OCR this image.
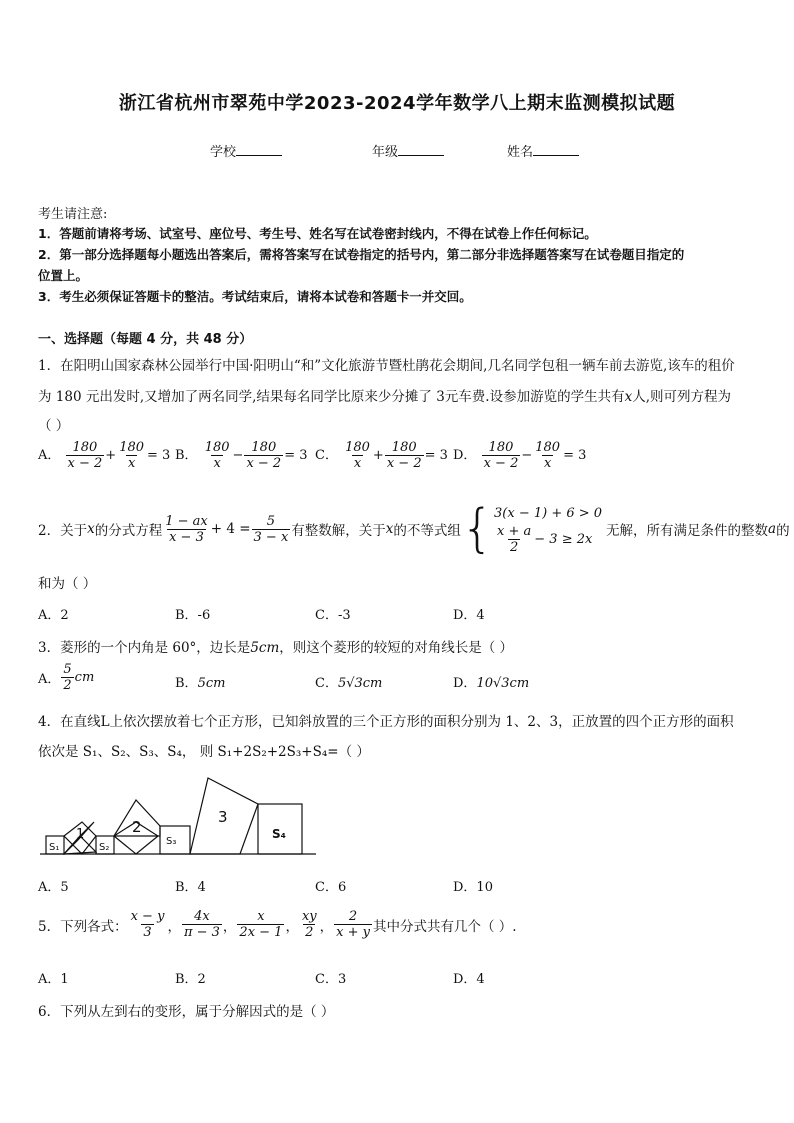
浙江省杭州市翠苑中学2023-2024学年数学八上期末监测模拟试题
学校	年级	姓名
考生请注意:
1．答题前请将考场、试室号、座位号、考生号、姓名写在试卷密封线内，不得在试卷上作任何标记。
2．第一部分选择题每小题选出答案后，需将答案写在试卷指定的括号内，第二部分非选择题答案写在试卷题目指定的
位置上。
3．考生必须保证答题卡的整洁。考试结束后，请将本试卷和答题卡一并交回。
一、选择题（每题 4 分，共 48 分）
1．在阳明山国家森林公园举行中国·阳明山“和”文化旅游节暨杜鹃花会期间,几名同学包租一辆车前去游览,该车的租价
为 180 元出发时,又增加了两名同学,结果每名同学比原来少分摊了 3元车费.设参加游览的学生共有x人,则可列方程为
（ ）
A． $\frac{180}{x - 2} + \frac{180}{x} = 3$ B． $\frac{180}{x} - \frac{180}{x - 2} = 3$ C． $\frac{180}{x} + \frac{180}{x - 2} = 3$ D． $\frac{180}{x - 2} - \frac{180}{x} = 3$
2．关于 x 的分式方程 $\frac{1 - ax}{x - 3} + 4 = \frac{5}{3 - x}$ 有整数解，关于 x 的不等式组 { 3(x − 1) + 6 > 0
$\frac{x + a}{2} - 3 \ge 2x$	无解，所有满足条件的整数 a 的
和为（ ）
A．2	B．-6	C．-3	D．4
3．菱形的一个内角是 60°，边长是5cm，则这个菱形的较短的对角线长是（ ）
A． $\frac{5}{2}$ cm	B．5cm	C．5√3cm	D．10√3cm
4．在直线L上依次摆放着七个正方形，已知斜放置的三个正方形的面积分别为 1、2、3，正放置的四个正方形的面积
依次是 S₁、S₂、S₃、S₄， 则 S₁+2S₂+2S₃+S₄=（ ）
S₁
1
S₂
2
S₃
3
S₄
A．5	B．4	C．6	D．10
5．下列各式： $\frac{x - y}{3}$ ， $\frac{4x}{\pi - 3}$ ， $\frac{x}{2x - 1}$ ， $\frac{xy}{2}$ ， $\frac{2}{x + y}$ 其中分式共有几个（ ）.
A．1	B．2	C．3	D．4
6．下列从左到右的变形，属于分解因式的是（ ）
